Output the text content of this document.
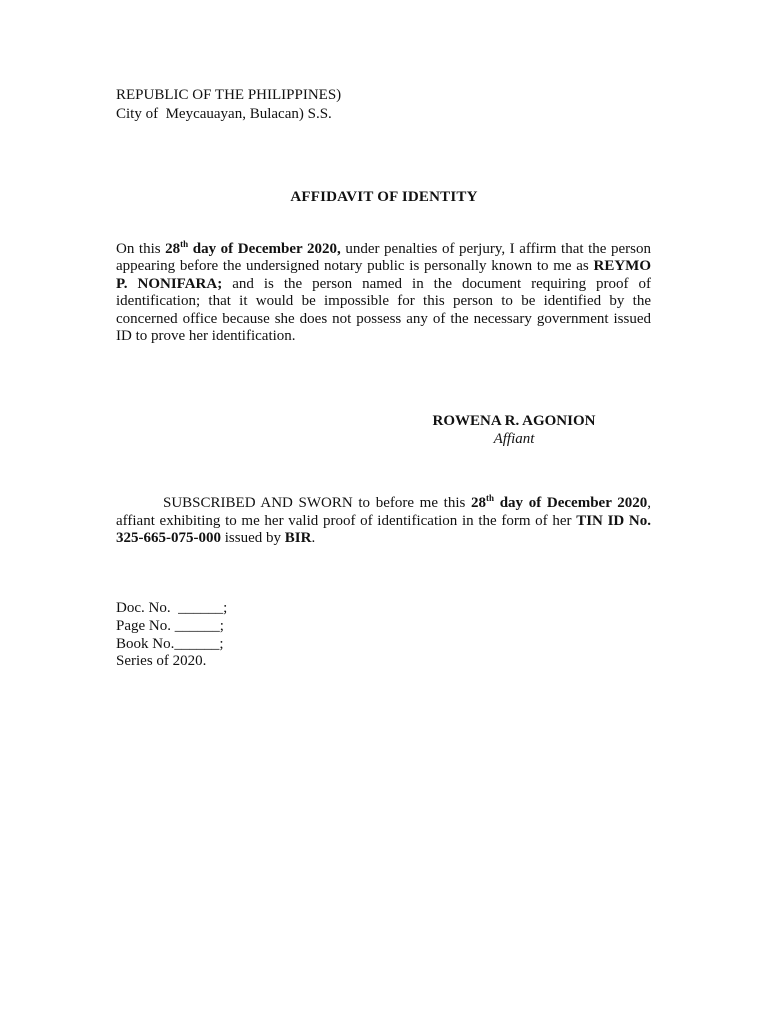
REPUBLIC OF THE PHILIPPINES)
City of  Meycauayan, Bulacan) S.S.
AFFIDAVIT OF IDENTITY
On this 28th day of December 2020, under penalties of perjury, I affirm that the person appearing before the undersigned notary public is personally known to me as REYMO P. NONIFARA; and is the person named in the document requiring proof of identification; that it would be impossible for this person to be identified by the concerned office because she does not possess any of the necessary government issued ID to prove her identification.
ROWENA R. AGONION
Affiant
SUBSCRIBED AND SWORN to before me this 28th day of December 2020, affiant exhibiting to me her valid proof of identification in the form of her TIN ID No. 325-665-075-000 issued by BIR.
Doc. No.  ______;
Page No. ______;
Book No.______;
Series of 2020.
